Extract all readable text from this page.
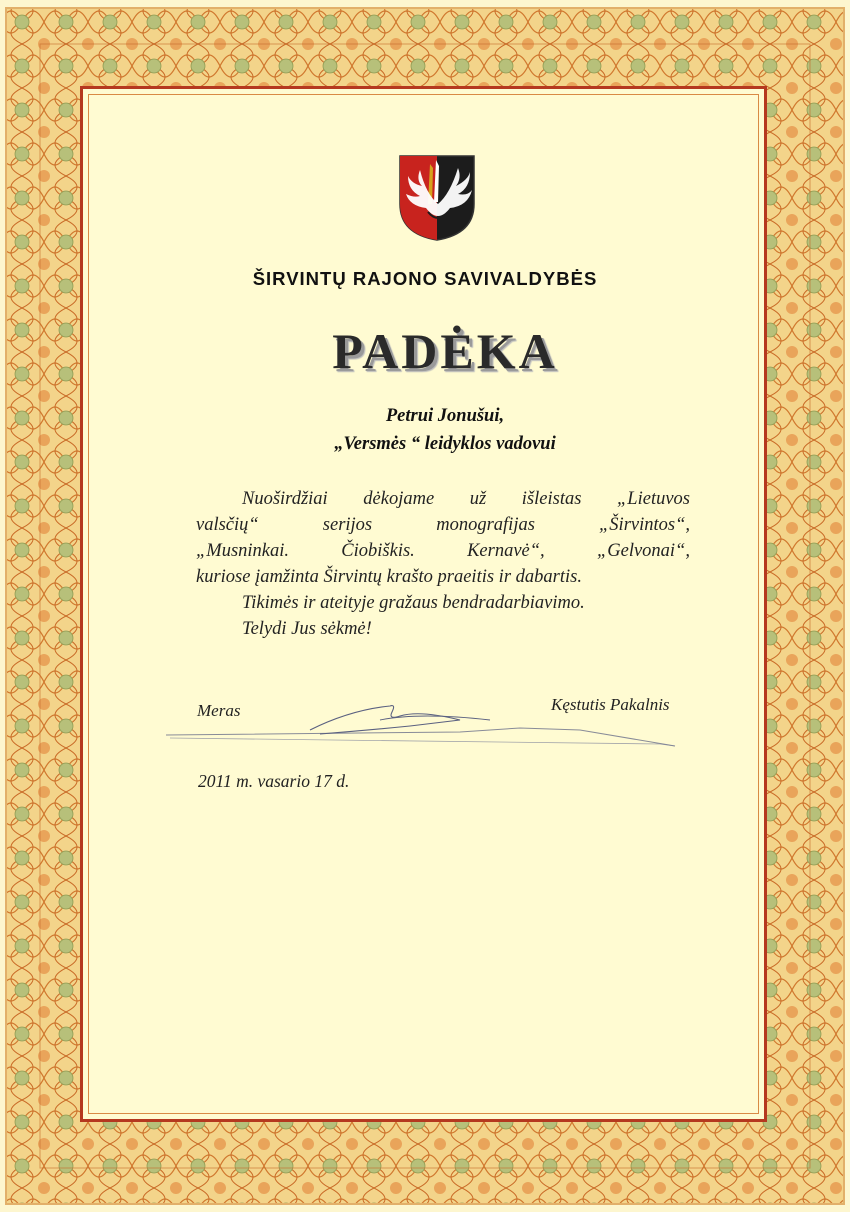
ŠIRVINTŲ RAJONO SAVIVALDYBĖS
PADĖKA
Petrui Jonušui,
„Versmės “ leidyklos vadovui
Nuoširdžiai dėkojame už išleistas „Lietuvos
valsčių“	serijos	monografijas	„Širvintos“,
„Musninkai.	Čiobiškis.	Kernavė“,	„Gelvonai“,
kuriose įamžinta Širvintų krašto praeitis ir dabartis.
Tikimės ir ateityje gražaus bendradarbiavimo.
Telydi Jus sėkmė!
Meras	Kęstutis Pakalnis
2011 m. vasario 17 d.
